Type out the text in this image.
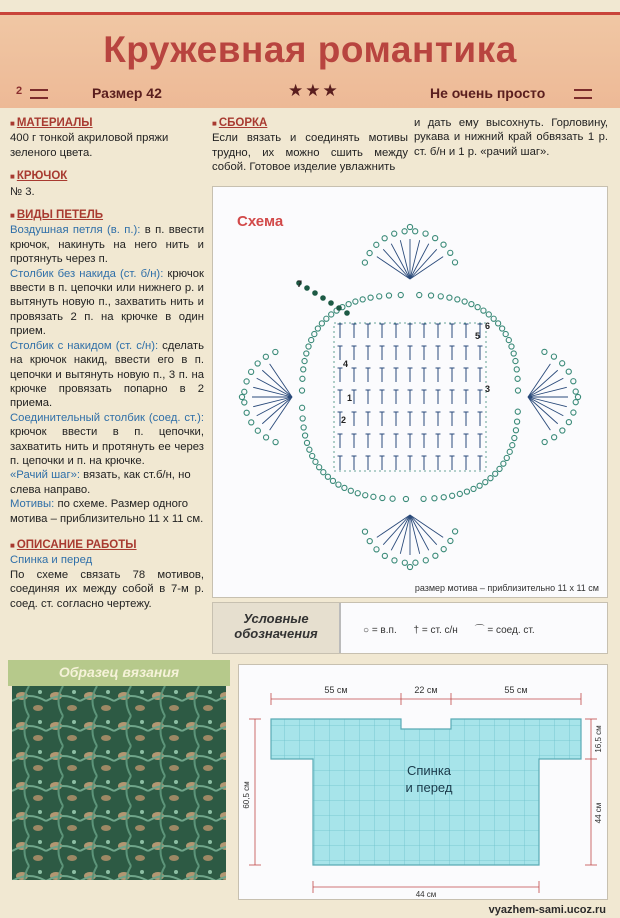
Кружевная романтика
2	Размер 42	★★★	Не очень просто
■ МАТЕРИАЛЫ

400 г тонкой акриловой пряжи зеленого цвета.

■ КРЮЧОК

№ 3.

■ ВИДЫ ПЕТЕЛЬ

Воздушная петля (в. п.): в п. ввести крючок, накинуть на него нить и протянуть через п.

Столбик без накида (ст. б/н): крючок ввести в п. цепочки или нижнего р. и вытянуть новую п., захватить нить и провязать 2 п. на крючке в один прием.

Столбик с накидом (ст. с/н): сделать на крючок накид, ввести его в п. цепочки и вытянуть новую п., 3 п. на крючке провязать попарно в 2 приема.

Соединительный столбик (соед. ст.): крючок ввести в п. цепочки, захватить нить и протянуть ее через п. цепочки и п. на крючке.

«Рачий шаг»: вязать, как ст.б/н, но слева направо.

Мотивы: по схеме. Размер одного мотива – приблизительно 11 х 11 см.

■ ОПИСАНИЕ РАБОТЫ

Спинка и перед

По схеме связать 78 мотивов, соединяя их между собой в 7-м р. соед. ст. согласно чертежу.

■ СБОРКА

Если вязать и соединять мотивы трудно, их можно сшить между собой. Готовое изделие увлажнить

и дать ему высохнуть. Горловину, рукава и нижний край обвязать 1 р. ст. б/н и 1 р. «рачий шаг».

Схема
1
2
3
4
5
6
7
размер мотива – приблизительно 11 х 11 см
Условные обозначения	○ = в.п. † = ст. с/н ⌒ = соед. ст.
Образец вязания
55 см	22 см	55 см
60,5 см
16,5 см
44 см
44 см
Спинка
и перед
vyazhem-sami.ucoz.ru
